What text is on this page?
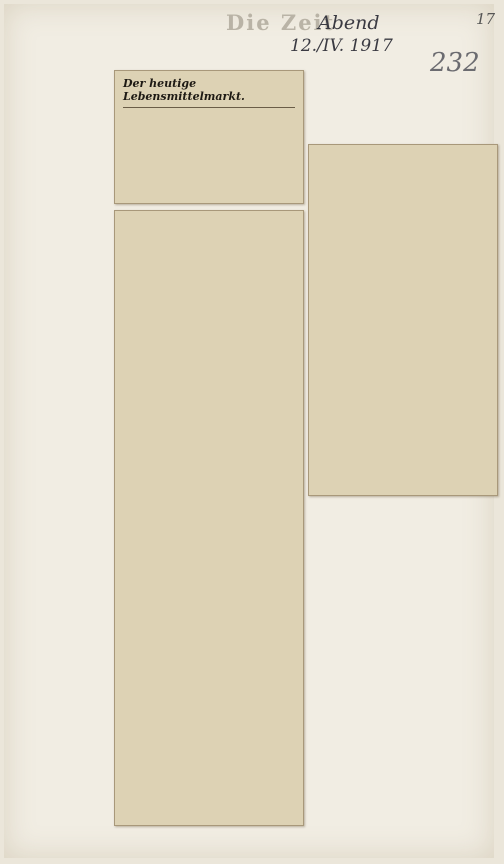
Die Zeit
Abend
12./IV. 1917
17
232
Der heutige Lebensmittelmarkt.
